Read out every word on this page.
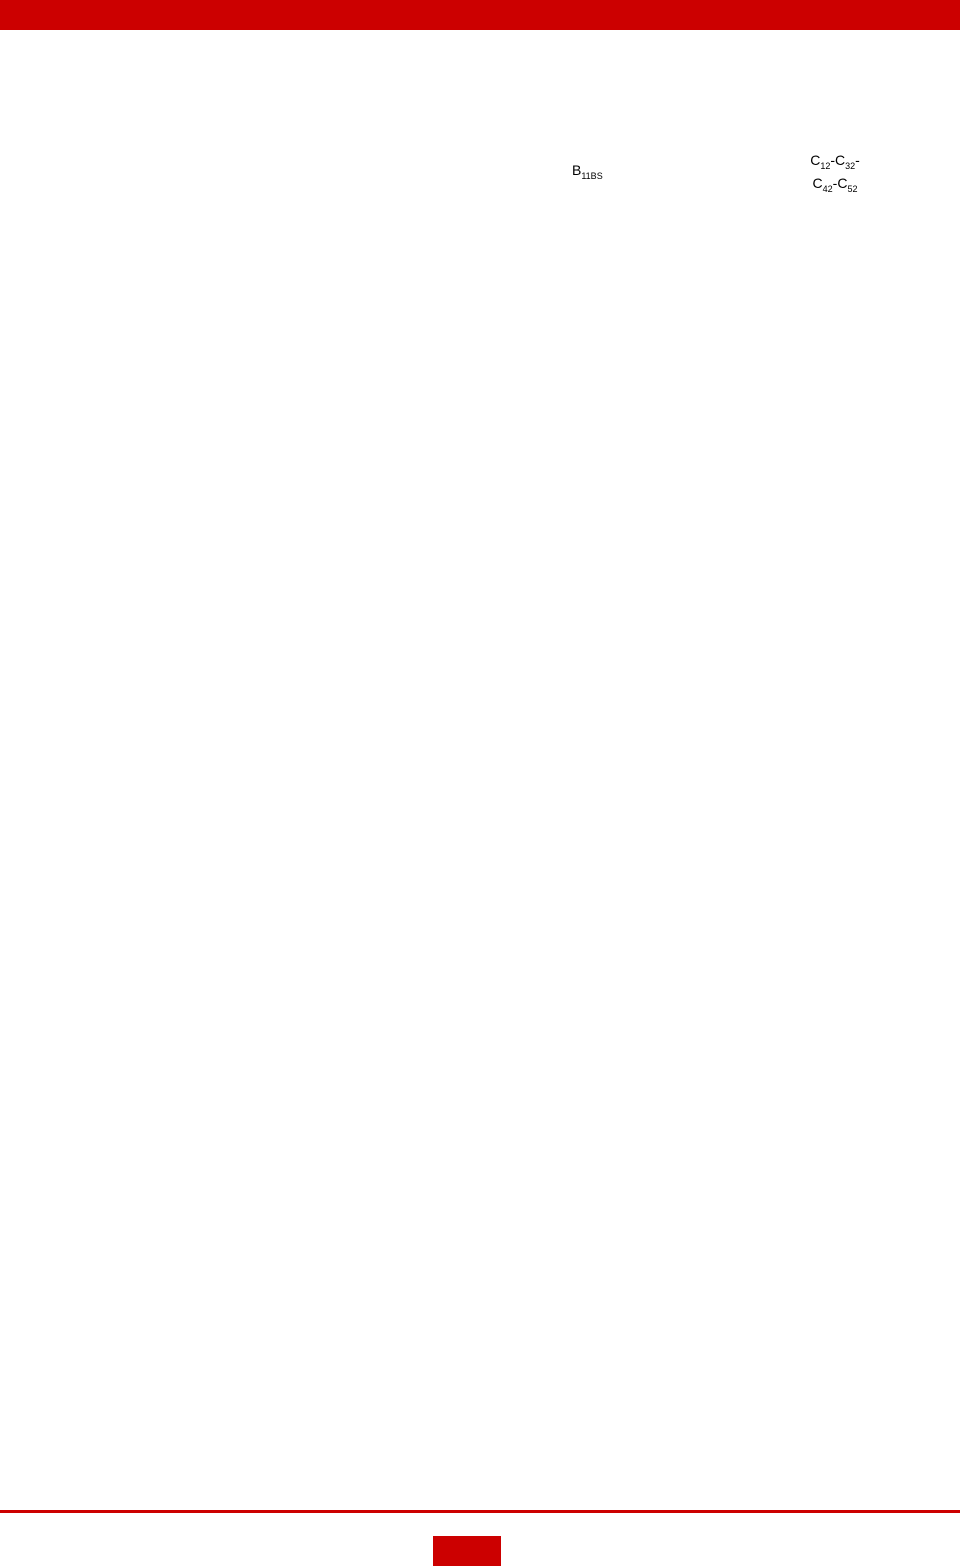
$B_{11BS}$
$C_{12}-C_{32}-$
$C_{42}-C_{52}$
